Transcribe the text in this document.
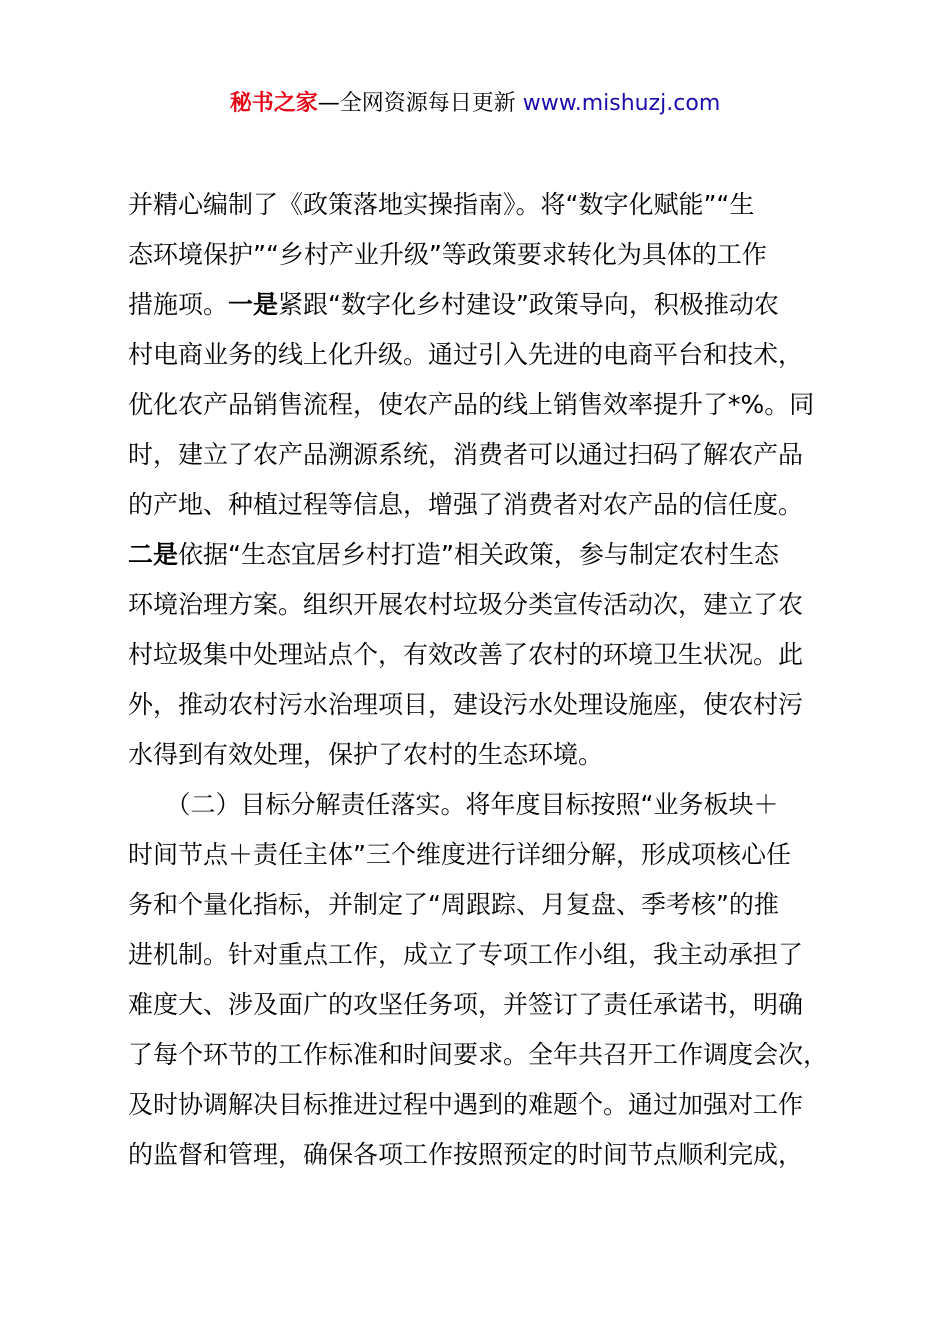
秘书之家—全网资源每日更新 www.mishuzj.com
并精心编制了《政策落地实操指南》。将“数字化赋能”“生
态环境保护”“乡村产业升级”等政策要求转化为具体的工作
措施项。一是紧跟“数字化乡村建设”政策导向，积极推动农
村电商业务的线上化升级。通过引入先进的电商平台和技术，
优化农产品销售流程，使农产品的线上销售效率提升了*%。同
时，建立了农产品溯源系统，消费者可以通过扫码了解农产品
的产地、种植过程等信息，增强了消费者对农产品的信任度。
二是依据“生态宜居乡村打造”相关政策，参与制定农村生态
环境治理方案。组织开展农村垃圾分类宣传活动次，建立了农
村垃圾集中处理站点个，有效改善了农村的环境卫生状况。此
外，推动农村污水治理项目，建设污水处理设施座，使农村污
水得到有效处理，保护了农村的生态环境。
　　（二）目标分解责任落实。将年度目标按照“业务板块＋
时间节点＋责任主体”三个维度进行详细分解，形成项核心任
务和个量化指标，并制定了“周跟踪、月复盘、季考核”的推
进机制。针对重点工作，成立了专项工作小组，我主动承担了
难度大、涉及面广的攻坚任务项，并签订了责任承诺书，明确
了每个环节的工作标准和时间要求。全年共召开工作调度会次，
及时协调解决目标推进过程中遇到的难题个。通过加强对工作
的监督和管理，确保各项工作按照预定的时间节点顺利完成，
